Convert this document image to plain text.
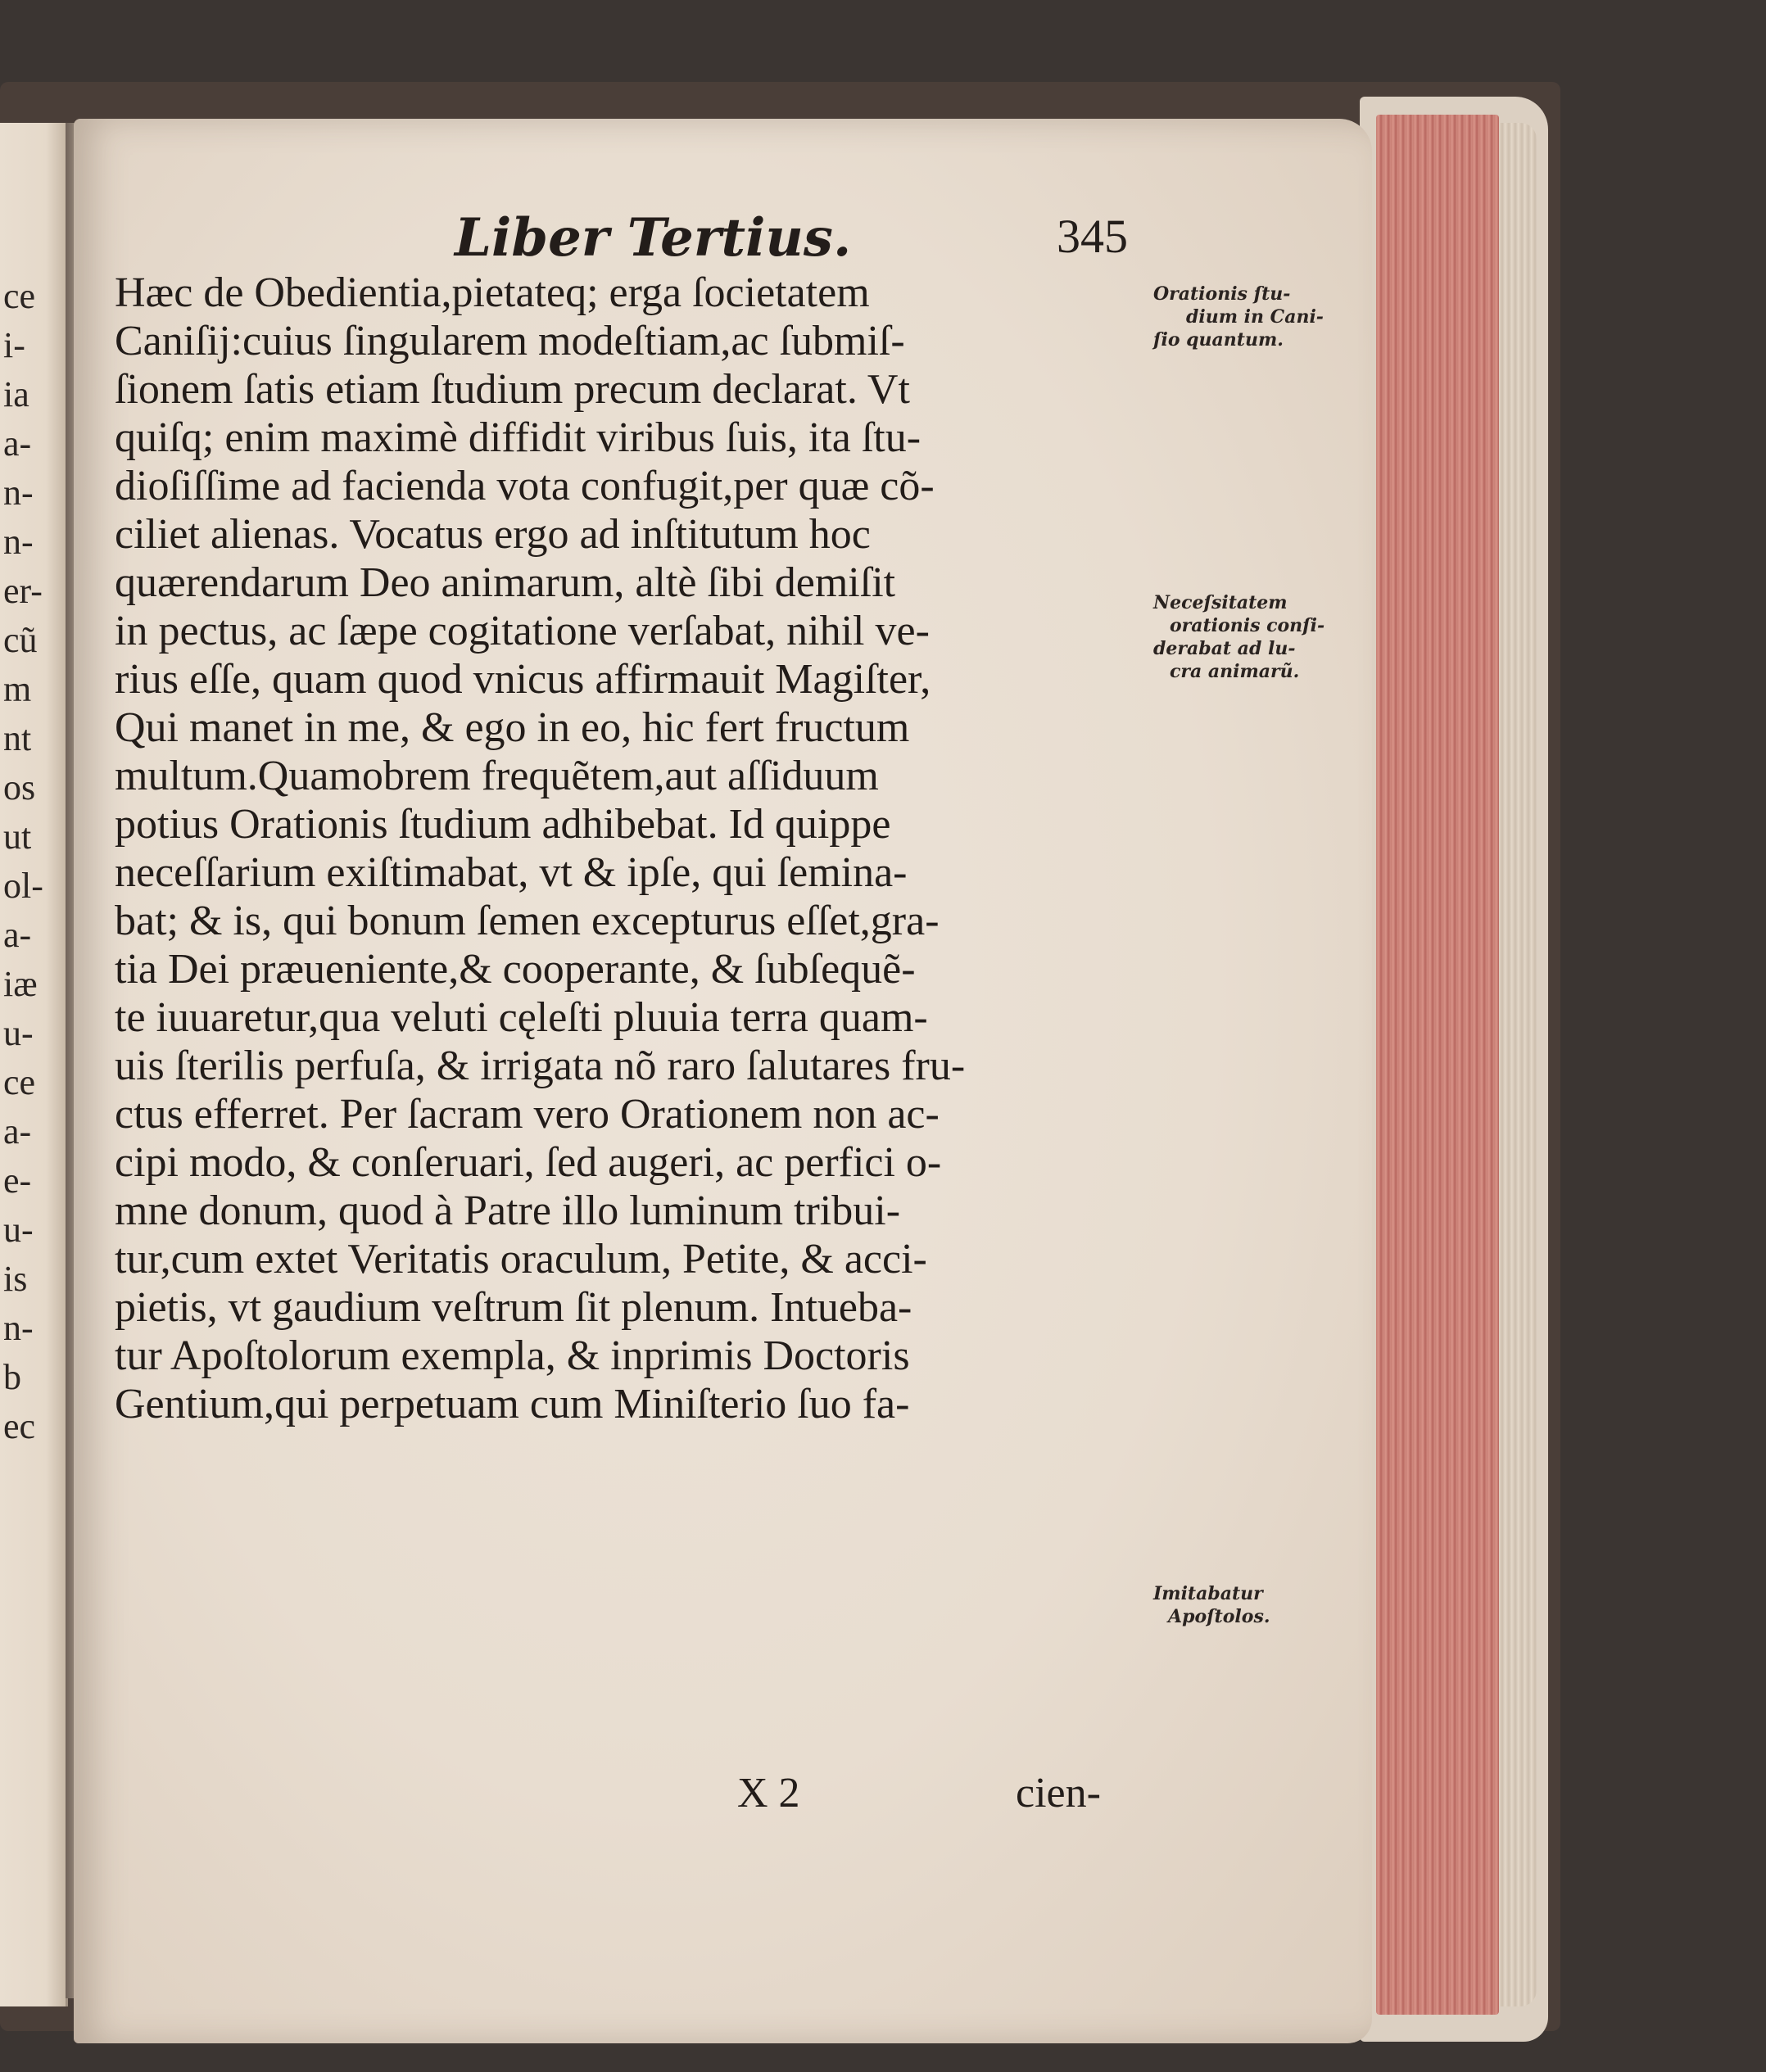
ce
i-
ia
a-
n-
n-
er-
cũ
m
nt
os
ut
ol-
a-
iæ
u-
ce
a-
e-
u-
is
n-
b
ec
Liber Tertius.	345
Hæc de Obedientia,pietateq; erga ſocietatem
Caniſij:cuius ſingularem modeſtiam,ac ſubmiſ-
ſionem ſatis etiam ſtudium precum declarat. Vt
quiſq; enim maximè diffidit viribus ſuis, ita ſtu-
dioſiſſime ad facienda vota confugit,per quæ cõ-
ciliet alienas. Vocatus ergo ad inſtitutum hoc
quærendarum Deo animarum, altè ſibi demiſit
in pectus, ac ſæpe cogitatione verſabat, nihil ve-
rius eſſe, quam quod vnicus affirmauit Magiſter,
Qui manet in me, & ego in eo, hic fert fructum
multum.Quamobrem frequẽtem,aut aſſiduum
potius Orationis ſtudium adhibebat. Id quippe
neceſſarium exiſtimabat, vt & ipſe, qui ſemina-
bat; & is, qui bonum ſemen excepturus eſſet,gra-
tia Dei præueniente,& cooperante, & ſubſequẽ-
te iuuaretur,qua veluti cęleſti pluuia terra quam-
uis ſterilis perfuſa, & irrigata nõ raro ſalutares fru-
ctus efferret. Per ſacram vero Orationem non ac-
cipi modo, & conſeruari, ſed augeri, ac perfici o-
mne donum, quod à Patre illo luminum tribui-
tur,cum extet Veritatis oraculum, Petite, & acci-
pietis, vt gaudium veſtrum ſit plenum. Intueba-
tur Apoſtolorum exempla, & inprimis Doctoris
Gentium,qui perpetuam cum Miniſterio ſuo fa-
Orationis ſtu-
dium in Cani-
ſio quantum.
Neceſsitatem
orationis conſi-
derabat ad lu-
cra animarũ.
Imitabatur
Apoſtolos.
X 2	cien-
